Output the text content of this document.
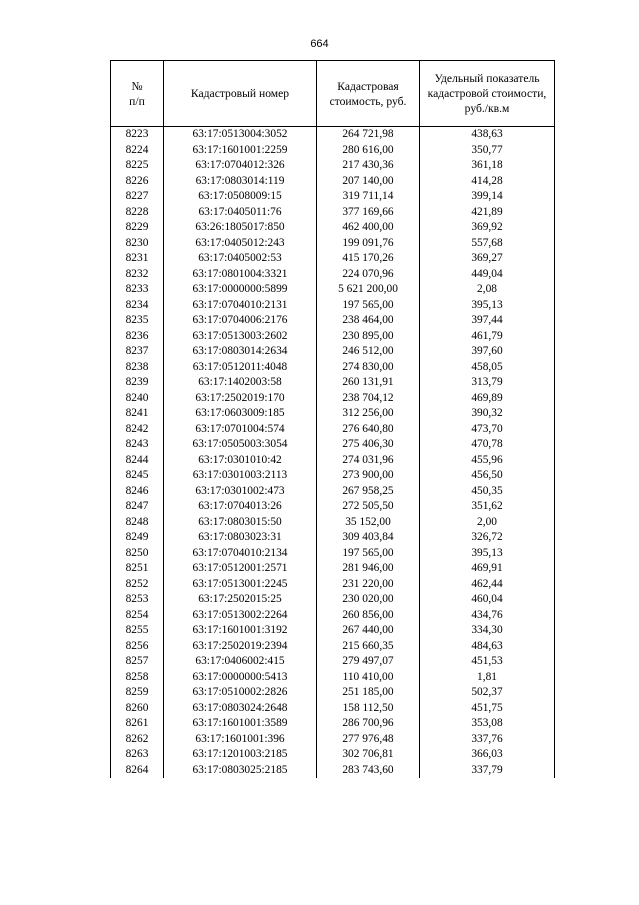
664
№
п/п	Кадастровый номер	Кадастровая стоимость, руб.	Удельный показатель кадастровой стоимости, руб./кв.м
8223	63:17:0513004:3052	264 721,98	438,63
8224	63:17:1601001:2259	280 616,00	350,77
8225	63:17:0704012:326	217 430,36	361,18
8226	63:17:0803014:119	207 140,00	414,28
8227	63:17:0508009:15	319 711,14	399,14
8228	63:17:0405011:76	377 169,66	421,89
8229	63:26:1805017:850	462 400,00	369,92
8230	63:17:0405012:243	199 091,76	557,68
8231	63:17:0405002:53	415 170,26	369,27
8232	63:17:0801004:3321	224 070,96	449,04
8233	63:17:0000000:5899	5 621 200,00	2,08
8234	63:17:0704010:2131	197 565,00	395,13
8235	63:17:0704006:2176	238 464,00	397,44
8236	63:17:0513003:2602	230 895,00	461,79
8237	63:17:0803014:2634	246 512,00	397,60
8238	63:17:0512011:4048	274 830,00	458,05
8239	63:17:1402003:58	260 131,91	313,79
8240	63:17:2502019:170	238 704,12	469,89
8241	63:17:0603009:185	312 256,00	390,32
8242	63:17:0701004:574	276 640,80	473,70
8243	63:17:0505003:3054	275 406,30	470,78
8244	63:17:0301010:42	274 031,96	455,96
8245	63:17:0301003:2113	273 900,00	456,50
8246	63:17:0301002:473	267 958,25	450,35
8247	63:17:0704013:26	272 505,50	351,62
8248	63:17:0803015:50	35 152,00	2,00
8249	63:17:0803023:31	309 403,84	326,72
8250	63:17:0704010:2134	197 565,00	395,13
8251	63:17:0512001:2571	281 946,00	469,91
8252	63:17:0513001:2245	231 220,00	462,44
8253	63:17:2502015:25	230 020,00	460,04
8254	63:17:0513002:2264	260 856,00	434,76
8255	63:17:1601001:3192	267 440,00	334,30
8256	63:17:2502019:2394	215 660,35	484,63
8257	63:17:0406002:415	279 497,07	451,53
8258	63:17:0000000:5413	110 410,00	1,81
8259	63:17:0510002:2826	251 185,00	502,37
8260	63:17:0803024:2648	158 112,50	451,75
8261	63:17:1601001:3589	286 700,96	353,08
8262	63:17:1601001:396	277 976,48	337,76
8263	63:17:1201003:2185	302 706,81	366,03
8264	63:17:0803025:2185	283 743,60	337,79
